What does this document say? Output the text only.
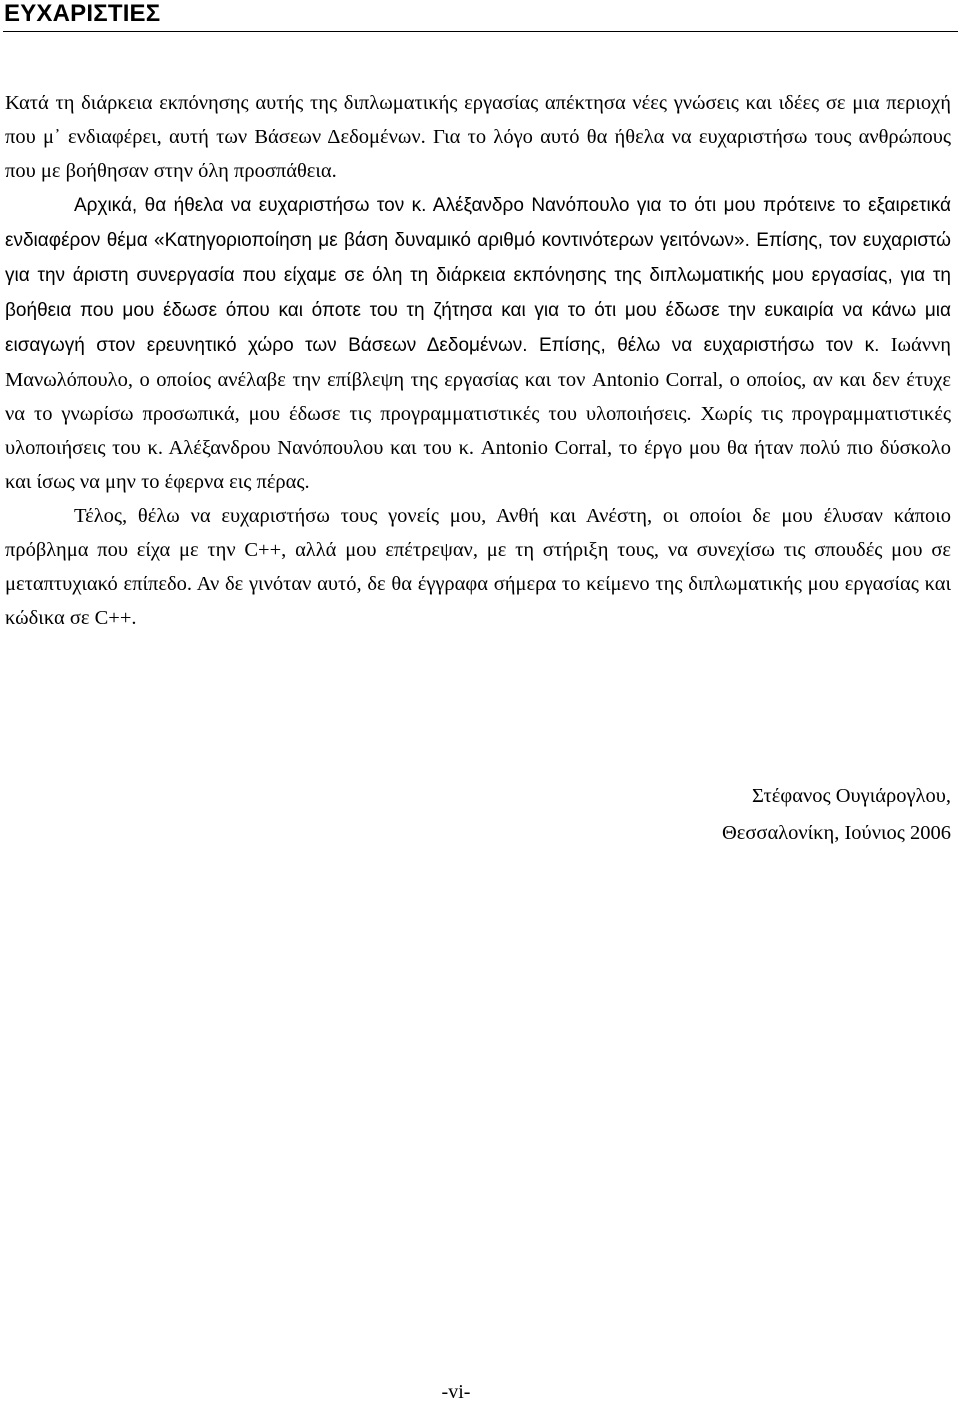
ΕΥΧΑΡΙΣΤΙΕΣ

Κατά τη διάρκεια εκπόνησης αυτής της διπλωματικής εργασίας απέκτησα νέες γνώσεις και ιδέες σε μια περιοχή που μ᾽ ενδιαφέρει, αυτή των Βάσεων Δεδομένων. Για το λόγο αυτό θα ήθελα να ευχαριστήσω τους ανθρώπους που με βοήθησαν στην όλη προσπάθεια.
Αρχικά, θα ήθελα να ευχαριστήσω τον κ. Αλέξανδρο Νανόπουλο για το ότι μου πρότεινε το εξαιρετικά ενδιαφέρον θέμα «Κατηγοριοποίηση με βάση δυναμικό αριθμό κοντινότερων γειτόνων». Επίσης, τον ευχαριστώ για την άριστη συνεργασία που είχαμε σε όλη τη διάρκεια εκπόνησης της διπλωματικής μου εργασίας, για τη βοήθεια που μου έδωσε όπου και όποτε του τη ζήτησα και για το ότι μου έδωσε την ευκαιρία να κάνω μια εισαγωγή στον ερευνητικό χώρο των Βάσεων Δεδομένων. Επίσης, θέλω να ευχαριστήσω τον κ. Ιωάννη Μανωλόπουλο, ο οποίος ανέλαβε την επίβλεψη της εργασίας και τον Antonio Corral, ο οποίος, αν και δεν έτυχε να το γνωρίσω προσωπικά, μου έδωσε τις προγραμματιστικές του υλοποιήσεις. Χωρίς τις προγραμματιστικές υλοποιήσεις του κ. Αλέξανδρου Νανόπουλου και του κ. Antonio Corral, το έργο μου θα ήταν πολύ πιο δύσκολο και ίσως να μην το έφερνα εις πέρας.

Τέλος, θέλω να ευχαριστήσω τους γονείς μου, Ανθή και Ανέστη, οι οποίοι δε μου έλυσαν κάποιο πρόβλημα που είχα με την C++, αλλά μου επέτρεψαν, με τη στήριξη τους, να συνεχίσω τις σπουδές μου σε μεταπτυχιακό επίπεδο. Αν δε γινόταν αυτό, δε θα έγγραφα σήμερα το κείμενο της διπλωματικής μου εργασίας και κώδικα σε C++.

Στέφανος Ουγιάρογλου,
Θεσσαλονίκη, Ιούνιος 2006
-vi-
